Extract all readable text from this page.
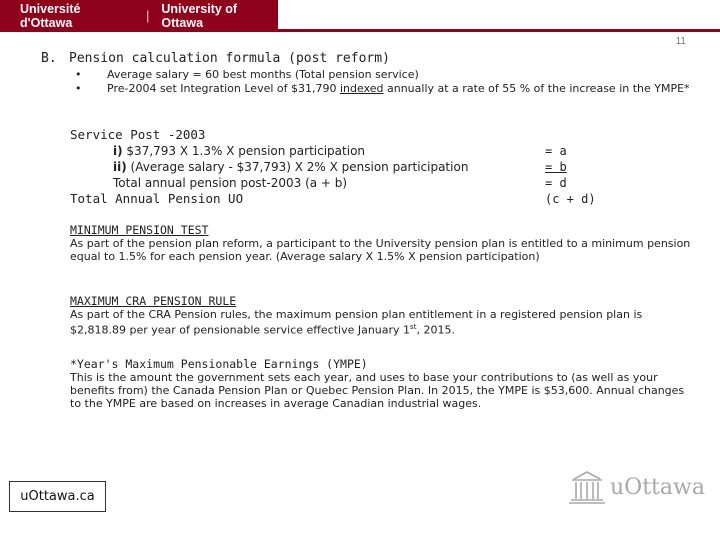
Université d'Ottawa	| University of Ottawa
11
B. Pension calculation formula (post reform)
• Average salary = 60 best months (Total pension service)
• Pre-2004 set Integration Level of $31,790 indexed annually at a rate of 55 % of the increase in the YMPE*
Service Post -2003
i) $37,793 X 1.3% X pension participation	= a
ii) (Average salary - $37,793) X 2% X pension participation	= b
Total annual pension post-2003 (a + b)	= d
Total Annual Pension UO	(c + d)
MINIMUM PENSION TEST

As part of the pension plan reform, a participant to the University pension plan is entitled to a minimum pension equal to 1.5% for each pension year. (Average salary X 1.5% X pension participation)

MAXIMUM CRA PENSION RULE

As part of the CRA Pension rules, the maximum pension plan entitlement in a registered pension plan is $2,818.89 per year of pensionable service effective January 1st, 2015.

*Year's Maximum Pensionable Earnings (YMPE)

This is the amount the government sets each year, and uses to base your contributions to (as well as your benefits from) the Canada Pension Plan or Quebec Pension Plan. In 2015, the YMPE is $53,600. Annual changes to the YMPE are based on increases in average Canadian industrial wages.

uOttawa.ca	uOttawa
